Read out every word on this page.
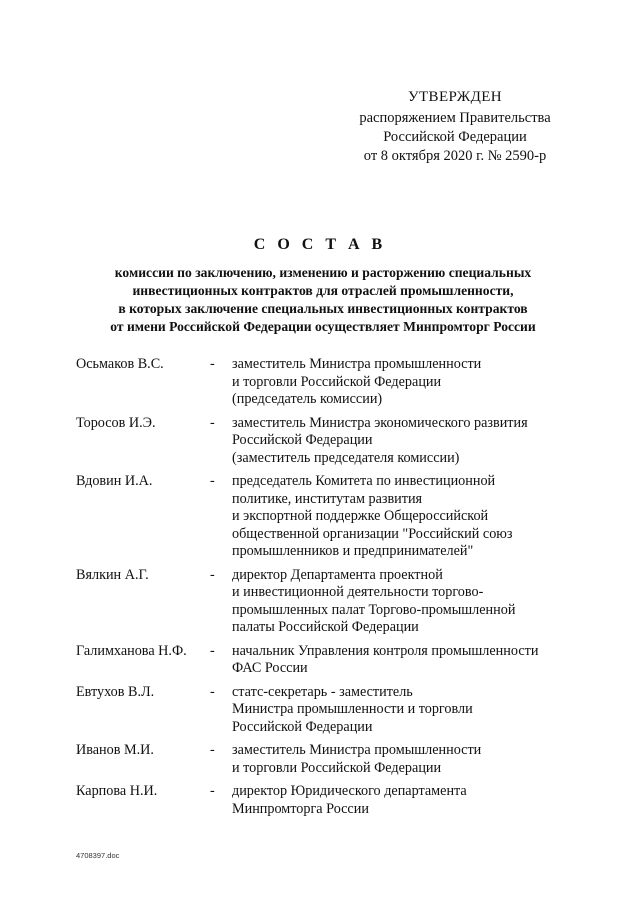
УТВЕРЖДЕН
распоряжением Правительства
Российской Федерации
от 8 октября 2020 г. № 2590-р
С О С Т А В
комиссии по заключению, изменению и расторжению специальных
инвестиционных контрактов для отраслей промышленности,
в которых заключение специальных инвестиционных контрактов
от имени Российской Федерации осуществляет Минпромторг России
Осьмаков В.С.	-	заместитель Министра промышленности
и торговли Российской Федерации
(председатель комиссии)
Торосов И.Э.	-	заместитель Министра экономического развития
Российской Федерации
(заместитель председателя комиссии)
Вдовин И.А.	-	председатель Комитета по инвестиционной
политике, институтам развития
и экспортной поддержке Общероссийской
общественной организации "Российский союз
промышленников и предпринимателей"
Вялкин А.Г.	-	директор Департамента проектной
и инвестиционной деятельности торгово-
промышленных палат Торгово-промышленной
палаты Российской Федерации
Галимханова Н.Ф.	-	начальник Управления контроля промышленности
ФАС России
Евтухов В.Л.	-	статс-секретарь - заместитель
Министра промышленности и торговли
Российской Федерации
Иванов М.И.	-	заместитель Министра промышленности
и торговли Российской Федерации
Карпова Н.И.	-	директор Юридического департамента
Минпромторга России
4708397.doc
